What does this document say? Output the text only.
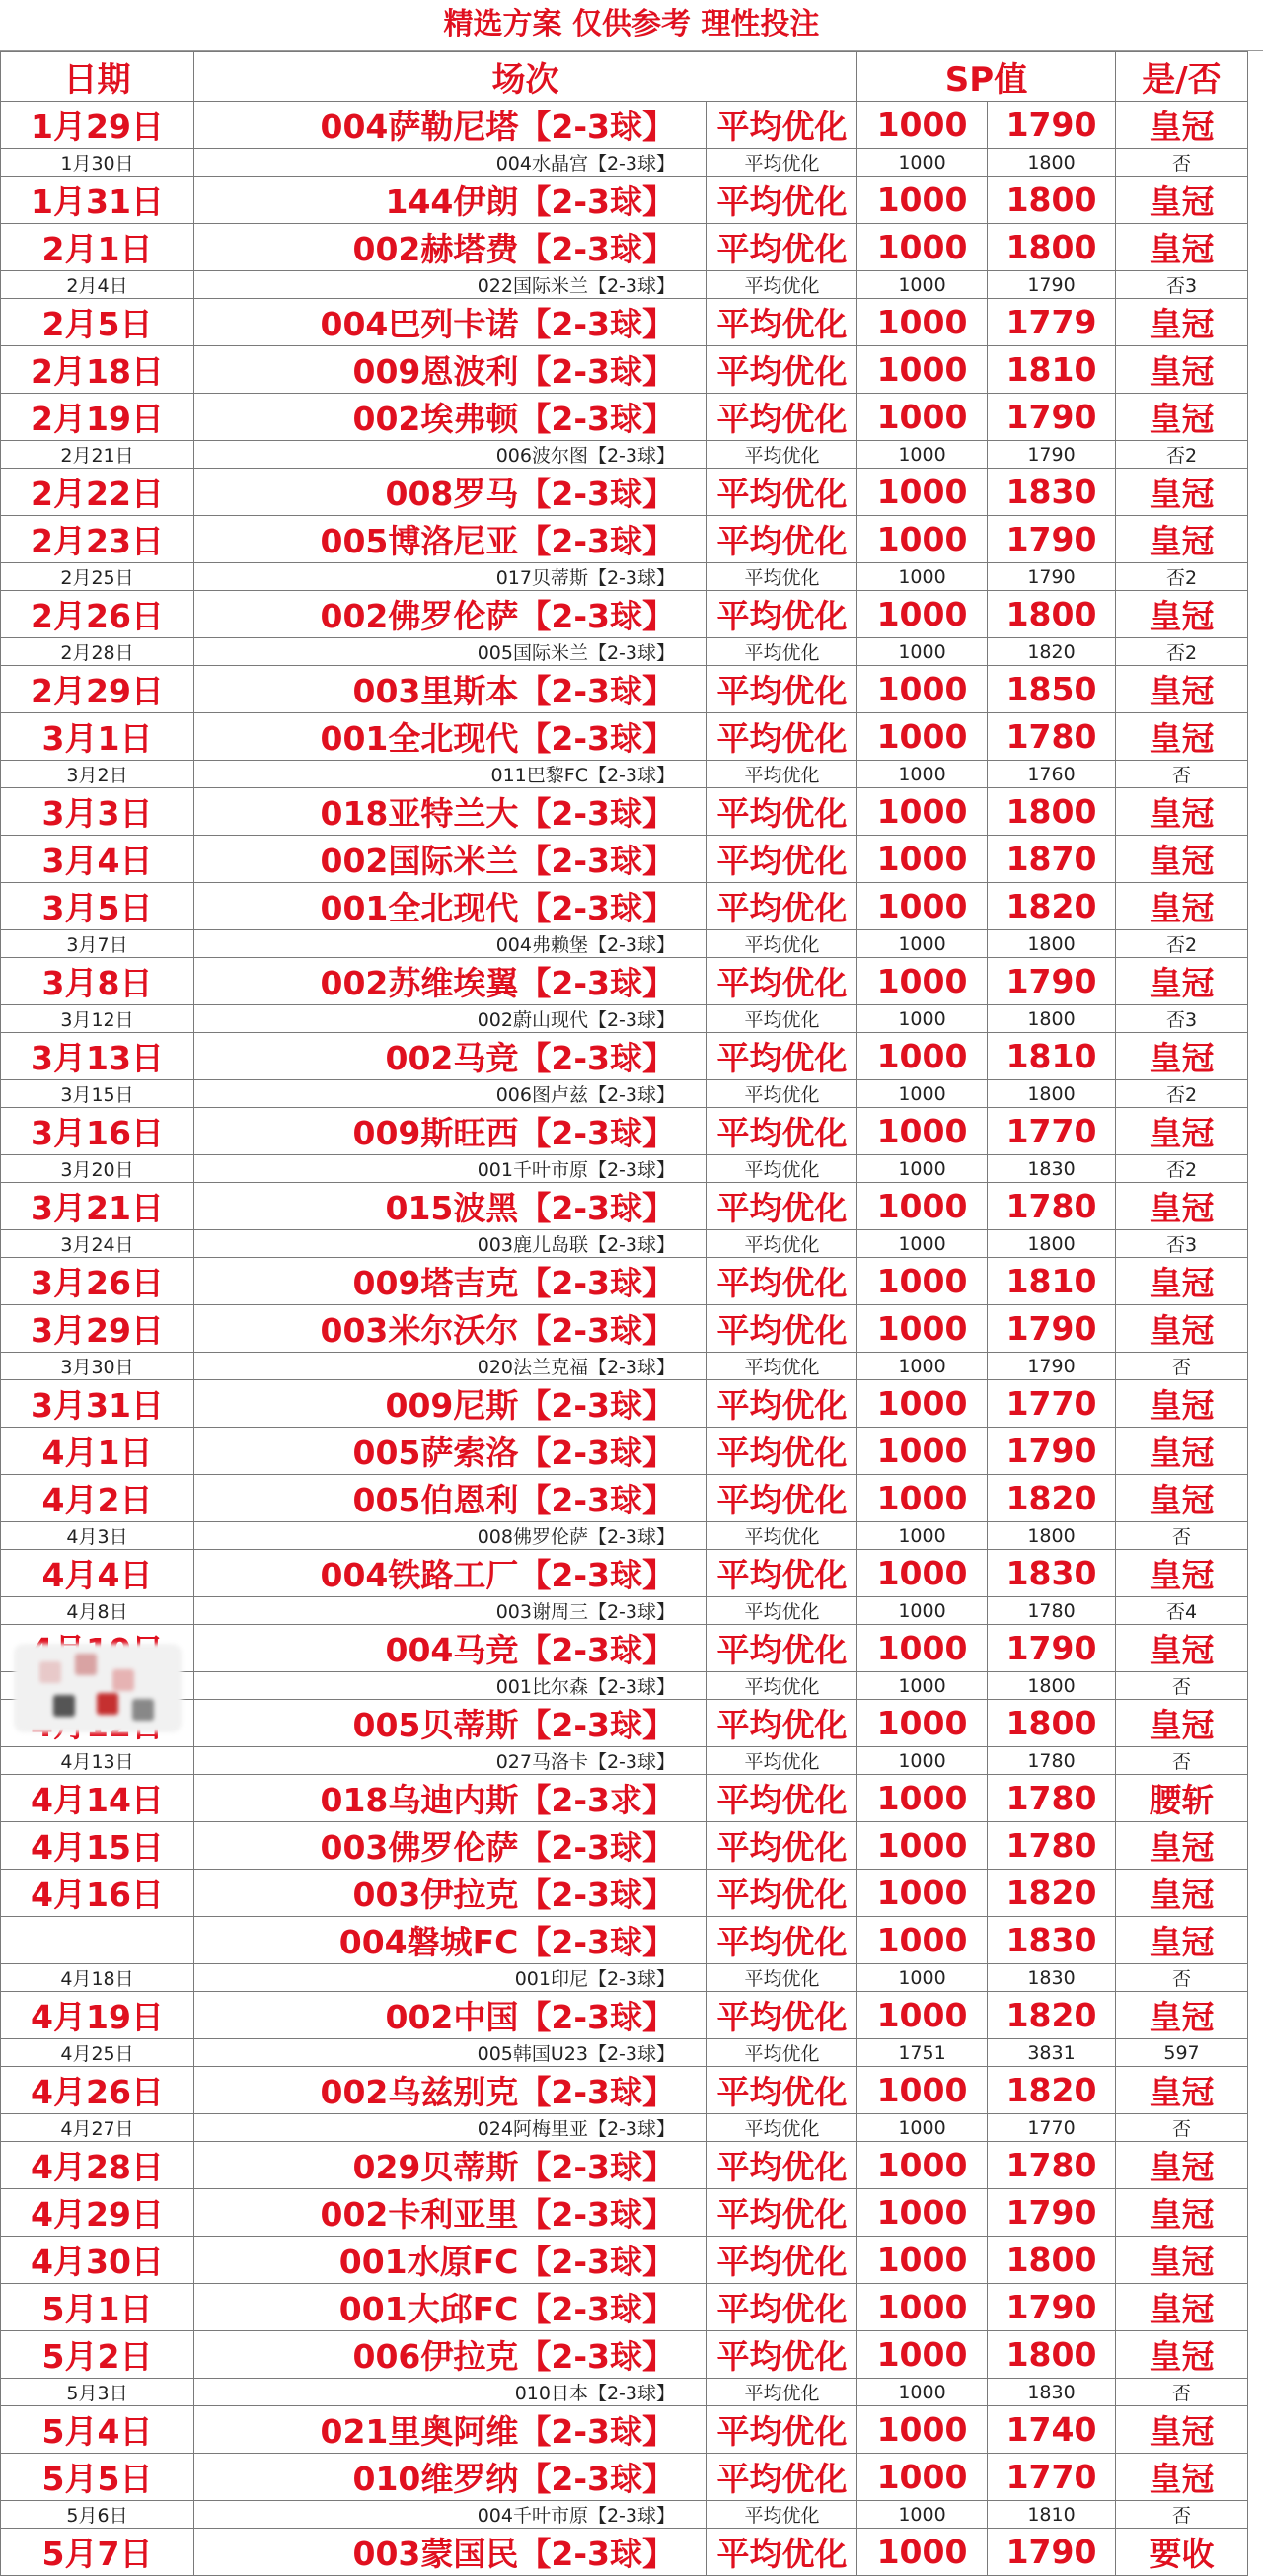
精选方案 仅供参考 理性投注
日期	场次		SP值		是/否
1月29日	004萨勒尼塔【2-3球】	平均优化	1000	1790	皇冠
1月30日	004水晶宫【2-3球】	平均优化	1000	1800	否
1月31日	144伊朗【2-3球】	平均优化	1000	1800	皇冠
2月1日	002赫塔费【2-3球】	平均优化	1000	1800	皇冠
2月4日	022国际米兰【2-3球】	平均优化	1000	1790	否3
2月5日	004巴列卡诺【2-3球】	平均优化	1000	1779	皇冠
2月18日	009恩波利【2-3球】	平均优化	1000	1810	皇冠
2月19日	002埃弗顿【2-3球】	平均优化	1000	1790	皇冠
2月21日	006波尔图【2-3球】	平均优化	1000	1790	否2
2月22日	008罗马【2-3球】	平均优化	1000	1830	皇冠
2月23日	005博洛尼亚【2-3球】	平均优化	1000	1790	皇冠
2月25日	017贝蒂斯【2-3球】	平均优化	1000	1790	否2
2月26日	002佛罗伦萨【2-3球】	平均优化	1000	1800	皇冠
2月28日	005国际米兰【2-3球】	平均优化	1000	1820	否2
2月29日	003里斯本【2-3球】	平均优化	1000	1850	皇冠
3月1日	001全北现代【2-3球】	平均优化	1000	1780	皇冠
3月2日	011巴黎FC【2-3球】	平均优化	1000	1760	否
3月3日	018亚特兰大【2-3球】	平均优化	1000	1800	皇冠
3月4日	002国际米兰【2-3球】	平均优化	1000	1870	皇冠
3月5日	001全北现代【2-3球】	平均优化	1000	1820	皇冠
3月7日	004弗赖堡【2-3球】	平均优化	1000	1800	否2
3月8日	002苏维埃翼【2-3球】	平均优化	1000	1790	皇冠
3月12日	002蔚山现代【2-3球】	平均优化	1000	1800	否3
3月13日	002马竞【2-3球】	平均优化	1000	1810	皇冠
3月15日	006图卢兹【2-3球】	平均优化	1000	1800	否2
3月16日	009斯旺西【2-3球】	平均优化	1000	1770	皇冠
3月20日	001千叶市原【2-3球】	平均优化	1000	1830	否2
3月21日	015波黑【2-3球】	平均优化	1000	1780	皇冠
3月24日	003鹿儿岛联【2-3球】	平均优化	1000	1800	否3
3月26日	009塔吉克【2-3球】	平均优化	1000	1810	皇冠
3月29日	003米尔沃尔【2-3球】	平均优化	1000	1790	皇冠
3月30日	020法兰克福【2-3球】	平均优化	1000	1790	否
3月31日	009尼斯【2-3球】	平均优化	1000	1770	皇冠
4月1日	005萨索洛【2-3球】	平均优化	1000	1790	皇冠
4月2日	005伯恩利【2-3球】	平均优化	1000	1820	皇冠
4月3日	008佛罗伦萨【2-3球】	平均优化	1000	1800	否
4月4日	004铁路工厂【2-3球】	平均优化	1000	1830	皇冠
4月8日	003谢周三【2-3球】	平均优化	1000	1780	否4
	004马竞【2-3球】	平均优化	1000	1790	皇冠
	001比尔森【2-3球】	平均优化	1000	1800	否
	005贝蒂斯【2-3球】	平均优化	1000	1800	皇冠
4月13日	027马洛卡【2-3球】	平均优化	1000	1780	否
4月14日	018乌迪内斯【2-3求】	平均优化	1000	1780	腰斩
4月15日	003佛罗伦萨【2-3球】	平均优化	1000	1780	皇冠
4月16日	003伊拉克【2-3球】	平均优化	1000	1820	皇冠
	004磐城FC【2-3球】	平均优化	1000	1830	皇冠
4月18日	001印尼【2-3球】	平均优化	1000	1830	否
4月19日	002中国【2-3球】	平均优化	1000	1820	皇冠
4月25日	005韩国U23【2-3球】	平均优化	1751	3831	597
4月26日	002乌兹别克【2-3球】	平均优化	1000	1820	皇冠
4月27日	024阿梅里亚【2-3球】	平均优化	1000	1770	否
4月28日	029贝蒂斯【2-3球】	平均优化	1000	1780	皇冠
4月29日	002卡利亚里【2-3球】	平均优化	1000	1790	皇冠
4月30日	001水原FC【2-3球】	平均优化	1000	1800	皇冠
5月1日	001大邱FC【2-3球】	平均优化	1000	1790	皇冠
5月2日	006伊拉克【2-3球】	平均优化	1000	1800	皇冠
5月3日	010日本【2-3球】	平均优化	1000	1830	否
5月4日	021里奥阿维【2-3球】	平均优化	1000	1740	皇冠
5月5日	010维罗纳【2-3球】	平均优化	1000	1770	皇冠
5月6日	004千叶市原【2-3球】	平均优化	1000	1810	否
5月7日	003蒙国民【2-3球】	平均优化	1000	1790	要收
